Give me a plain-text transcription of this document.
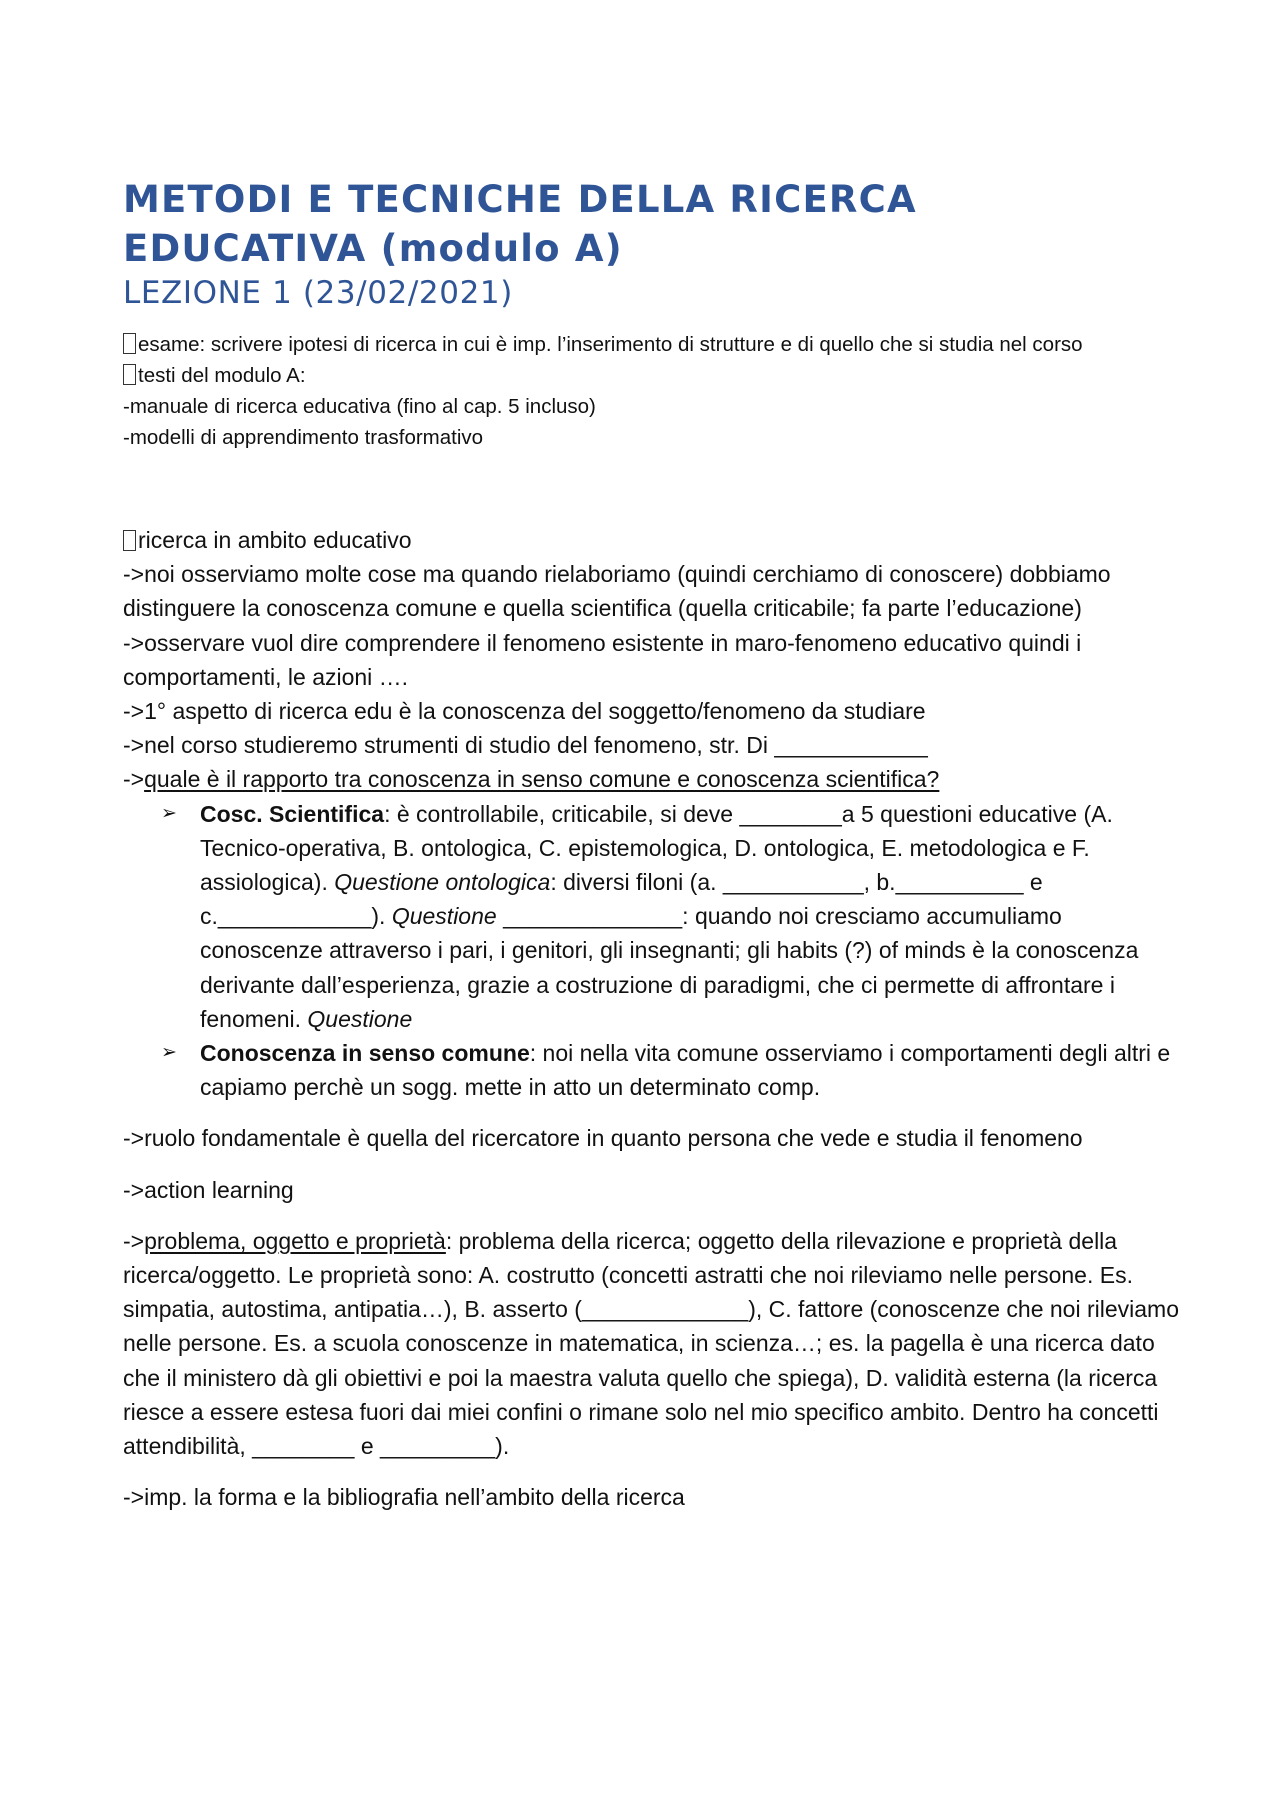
METODI E TECNICHE DELLA RICERCA
EDUCATIVA (modulo A)
LEZIONE 1 (23/02/2021)

esame: scrivere ipotesi di ricerca in cui è imp. l’inserimento di strutture e di quello che si studia nel corso

testi del modulo A:

-manuale di ricerca educativa (fino al cap. 5 incluso)

-modelli di apprendimento trasformativo

ricerca in ambito educativo

->noi osserviamo molte cose ma quando rielaboriamo (quindi cerchiamo di conoscere) dobbiamo distinguere la conoscenza comune e quella scientifica (quella criticabile; fa parte l’educazione)

->osservare vuol dire comprendere il fenomeno esistente in maro-fenomeno educativo quindi i comportamenti, le azioni ….

->1° aspetto di ricerca edu è la conoscenza del soggetto/fenomeno da studiare

->nel corso studieremo strumenti di studio del fenomeno, str. Di ____________

->quale è il rapporto tra conoscenza in senso comune e conoscenza scientifica?

➢ Cosc. Scientifica: è controllabile, criticabile, si deve ________a 5 questioni educative (A. Tecnico-operativa, B. ontologica, C. epistemologica, D. ontologica, E. metodologica e F. assiologica). Questione ontologica: diversi filoni (a. ___________, b.__________ e c.____________). Questione ______________: quando noi cresciamo accumuliamo conoscenze attraverso i pari, i genitori, gli insegnanti; gli habits (?) of minds è la conoscenza derivante dall’esperienza, grazie a costruzione di paradigmi, che ci permette di affrontare i fenomeni. Questione
➢ Conoscenza in senso comune: noi nella vita comune osserviamo i comportamenti degli altri e capiamo perchè un sogg. mette in atto un determinato comp.

->ruolo fondamentale è quella del ricercatore in quanto persona che vede e studia il fenomeno

->action learning

->problema, oggetto e proprietà: problema della ricerca; oggetto della rilevazione e proprietà della ricerca/oggetto. Le proprietà sono: A. costrutto (concetti astratti che noi rileviamo nelle persone. Es. simpatia, autostima, antipatia…), B. asserto (_____________), C. fattore (conoscenze che noi rileviamo nelle persone. Es. a scuola conoscenze in matematica, in scienza…; es. la pagella è una ricerca dato che il ministero dà gli obiettivi e poi la maestra valuta quello che spiega), D. validità esterna (la ricerca riesce a essere estesa fuori dai miei confini o rimane solo nel mio specifico ambito. Dentro ha concetti attendibilità, ________ e _________).

->imp. la forma e la bibliografia nell’ambito della ricerca
